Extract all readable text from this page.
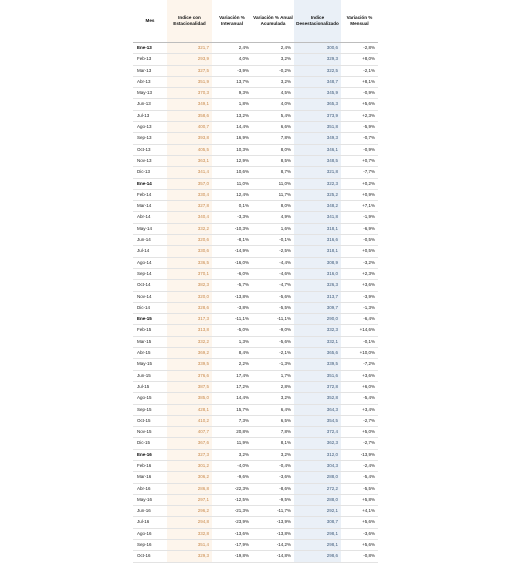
Mes	Indice con Estacionalidad	Variación % Interanual	Variación % Anual Acumulada	Indice Desestacionalizado	Variación % Mensual
Ene-13	321,7	2,4%	2,4%	300,6	-2,8%
Feb-13	293,9	4,0%	3,2%	329,3	+8,0%
Mar-13	327,5	-3,9%	-0,2%	322,5	-2,1%
Abr-13	351,9	13,7%	3,2%	348,7	+8,1%
May-13	370,3	9,3%	4,5%	345,9	-0,9%
Jun-13	349,1	1,8%	4,0%	365,3	+5,6%
Jul-13	358,6	13,2%	5,4%	373,9	+2,3%
Ago-13	400,7	14,4%	6,6%	351,8	-5,9%
Sep-13	393,8	16,9%	7,8%	349,3	-0,7%
Oct-13	405,5	10,3%	8,0%	346,1	-0,9%
Nov-13	363,1	12,9%	8,5%	348,5	+0,7%
Dic-13	341,4	10,6%	8,7%	321,8	-7,7%
Ene-14	357,0	11,0%	11,0%	322,3	+0,2%
Feb-14	330,4	12,4%	11,7%	325,2	+0,9%
Mar-14	327,8	0,1%	8,0%	348,2	+7,1%
Abr-14	340,4	-3,3%	4,9%	341,8	-1,9%
May-14	332,2	-10,3%	1,6%	318,1	-6,9%
Jun-14	320,6	-8,1%	-0,1%	316,6	-0,5%
Jul-14	330,6	-14,9%	-2,5%	318,1	+0,5%
Ago-14	336,5	-16,0%	-4,4%	308,9	-3,2%
Sep-14	370,1	-6,0%	-4,6%	316,0	+2,3%
Oct-14	382,3	-5,7%	-4,7%	326,3	+3,6%
Nov-14	320,0	-13,8%	-5,6%	313,7	-3,9%
Dic-14	328,6	-3,8%	-5,5%	309,7	-1,3%
Ene-15	317,3	-11,1%	-11,1%	290,0	-6,4%
Feb-15	313,8	-5,0%	-9,0%	332,3	+14,6%
Mar-15	332,2	1,3%	-5,6%	332,1	-0,1%
Abr-15	369,2	8,4%	-2,1%	365,6	+10,0%
May-15	339,5	2,2%	-1,3%	339,5	-7,2%
Jun-15	376,6	17,4%	1,7%	351,6	+3,6%
Jul-15	387,5	17,2%	2,8%	372,8	+6,0%
Ago-15	385,0	14,4%	3,2%	352,8	-5,4%
Sep-15	428,1	15,7%	6,4%	364,3	+3,4%
Oct-15	410,2	7,3%	6,5%	354,5	-2,7%
Nov-15	407,7	20,8%	7,8%	372,4	+5,0%
Dic-15	367,6	11,9%	8,1%	362,3	-2,7%
Ene-16	327,3	3,2%	3,2%	312,0	-13,9%
Feb-16	301,2	-4,0%	-0,4%	304,3	-2,4%
Mar-16	306,2	-9,6%	-3,6%	288,0	-5,4%
Abr-16	286,8	-22,3%	-8,6%	272,2	-5,5%
May-16	297,1	-12,5%	-9,5%	288,0	+5,8%
Jun-16	296,2	-21,3%	-11,7%	292,1	+4,1%
Jul-16	294,8	-23,9%	-13,9%	308,7	+5,6%
Ago-16	332,8	-13,6%	-13,8%	298,1	-3,6%
Sep-16	351,4	-17,9%	-14,2%	298,1	+5,6%
Oct-16	329,3	-19,8%	-14,8%	298,6	-0,8%
